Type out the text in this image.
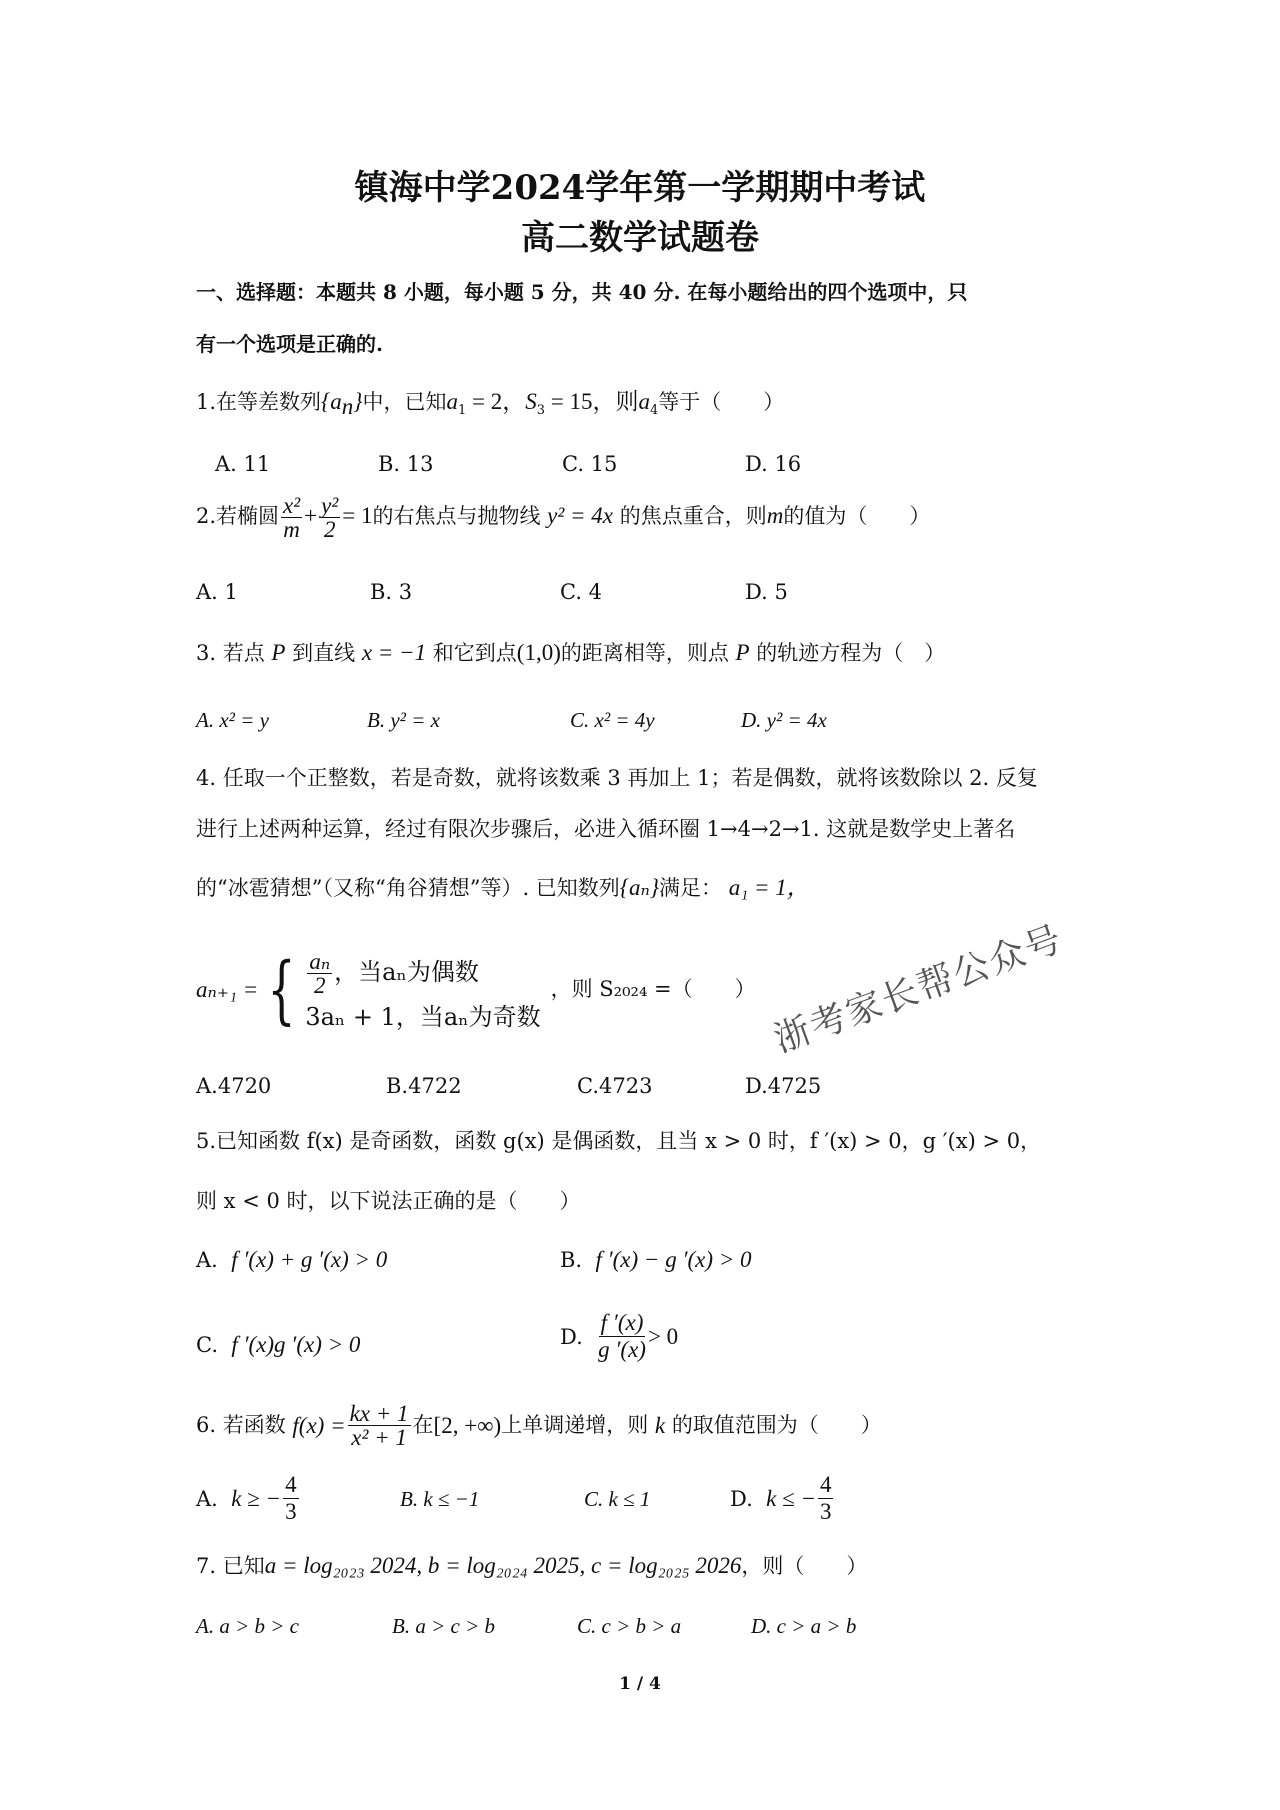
镇海中学2024学年第一学期期中考试
高二数学试题卷
一、选择题：本题共 8 小题，每小题 5 分，共 40 分. 在每小题给出的四个选项中，只
有一个选项是正确的.
1.在等差数列$\{a_n\}$中，已知$a_1 = 2$，$S_3 = 15$，则$a_4$等于（　　）
A. 11	B. 13	C. 15	D. 16
2.若椭圆 $\frac{\text{x²}}{m} + \frac{\text{y²}}{2} = 1$的右焦点与抛物线 y² = 4x 的焦点重合，则m的值为（　　）
A. 1	B. 3	C. 4	D. 5
3. 若点 P 到直线 x = −1 和它到点(1,0)的距离相等，则点 P 的轨迹方程为（　）
A. x² = y	B. y² = x	C. x² = 4y	D. y² = 4x
4. 任取一个正整数，若是奇数，就将该数乘 3 再加上 1；若是偶数，就将该数除以 2. 反复
进行上述两种运算，经过有限次步骤后，必进入循环圈 1→4→2→1. 这就是数学史上著名
的“冰雹猜想”（又称“角谷猜想”等）. 已知数列{aₙ}满足： a₁ = 1，
aₙ₊₁ = { $\frac{\text{aₙ}}{2}$ ，当aₙ为偶数
3aₙ + 1，当aₙ为奇数
，则 S₂₀₂₄ =（　　）
A.4720	B.4722	C.4723	D.4725
5.已知函数 f(x) 是奇函数，函数 g(x) 是偶函数，且当 x > 0 时，f ′(x) > 0，g ′(x) > 0，
则 x < 0 时，以下说法正确的是（　　）
A. f ′(x) + g ′(x) > 0	B. f ′(x) − g ′(x) > 0
C. f ′(x)g ′(x) > 0	D.
$\frac{f '(x)}{g '(x)} > 0$
6. 若函数
$f(x) = \frac{kx + 1}{\text{x² + 1}}$ 在 [2, +∞) 上单调递增，则
k
的取值范围为（　　）
A.
k ≥ − $\frac{4}{3}$	B. k ≤ −1	C. k ≤ 1	D.
k ≤ − $\frac{4}{3}$
7. 已知a = log₂₀₂₃ 2024, b = log₂₀₂₄ 2025, c = log₂₀₂₅ 2026，则（　　）
A. a > b > c	B. a > c > b	C. c > b > a	D. c > a > b
浙考家长帮公众号
1 / 4
